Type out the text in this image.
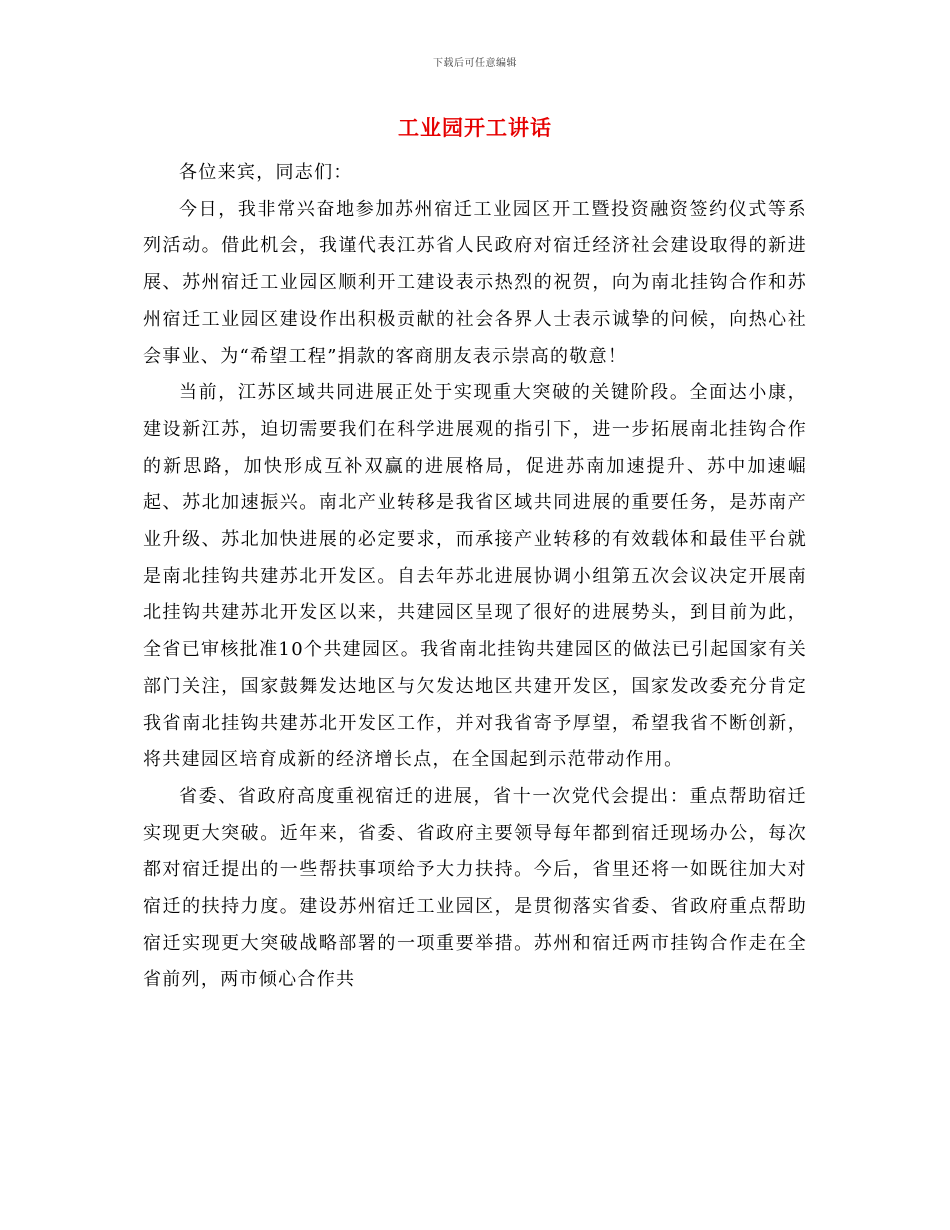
下载后可任意编辑
工业园开工讲话

各位来宾，同志们：

今日，我非常兴奋地参加苏州宿迁工业园区开工暨投资融资签约仪式等系列活动。借此机会，我谨代表江苏省人民政府对宿迁经济社会建设取得的新进展、苏州宿迁工业园区顺利开工建设表示热烈的祝贺，向为南北挂钩合作和苏州宿迁工业园区建设作出积极贡献的社会各界人士表示诚挚的问候，向热心社会事业、为“希望工程”捐款的客商朋友表示崇高的敬意！

当前，江苏区域共同进展正处于实现重大突破的关键阶段。全面达小康，建设新江苏，迫切需要我们在科学进展观的指引下，进一步拓展南北挂钩合作的新思路，加快形成互补双赢的进展格局，促进苏南加速提升、苏中加速崛起、苏北加速振兴。南北产业转移是我省区域共同进展的重要任务，是苏南产业升级、苏北加快进展的必定要求，而承接产业转移的有效载体和最佳平台就是南北挂钩共建苏北开发区。自去年苏北进展协调小组第五次会议决定开展南北挂钩共建苏北开发区以来，共建园区呈现了很好的进展势头，到目前为此，全省已审核批准10个共建园区。我省南北挂钩共建园区的做法已引起国家有关部门关注，国家鼓舞发达地区与欠发达地区共建开发区，国家发改委充分肯定我省南北挂钩共建苏北开发区工作，并对我省寄予厚望，希望我省不断创新，将共建园区培育成新的经济增长点，在全国起到示范带动作用。

省委、省政府高度重视宿迁的进展，省十一次党代会提出：重点帮助宿迁实现更大突破。近年来，省委、省政府主要领导每年都到宿迁现场办公，每次都对宿迁提出的一些帮扶事项给予大力扶持。今后，省里还将一如既往加大对宿迁的扶持力度。建设苏州宿迁工业园区，是贯彻落实省委、省政府重点帮助宿迁实现更大突破战略部署的一项重要举措。苏州和宿迁两市挂钩合作走在全省前列，两市倾心合作共
